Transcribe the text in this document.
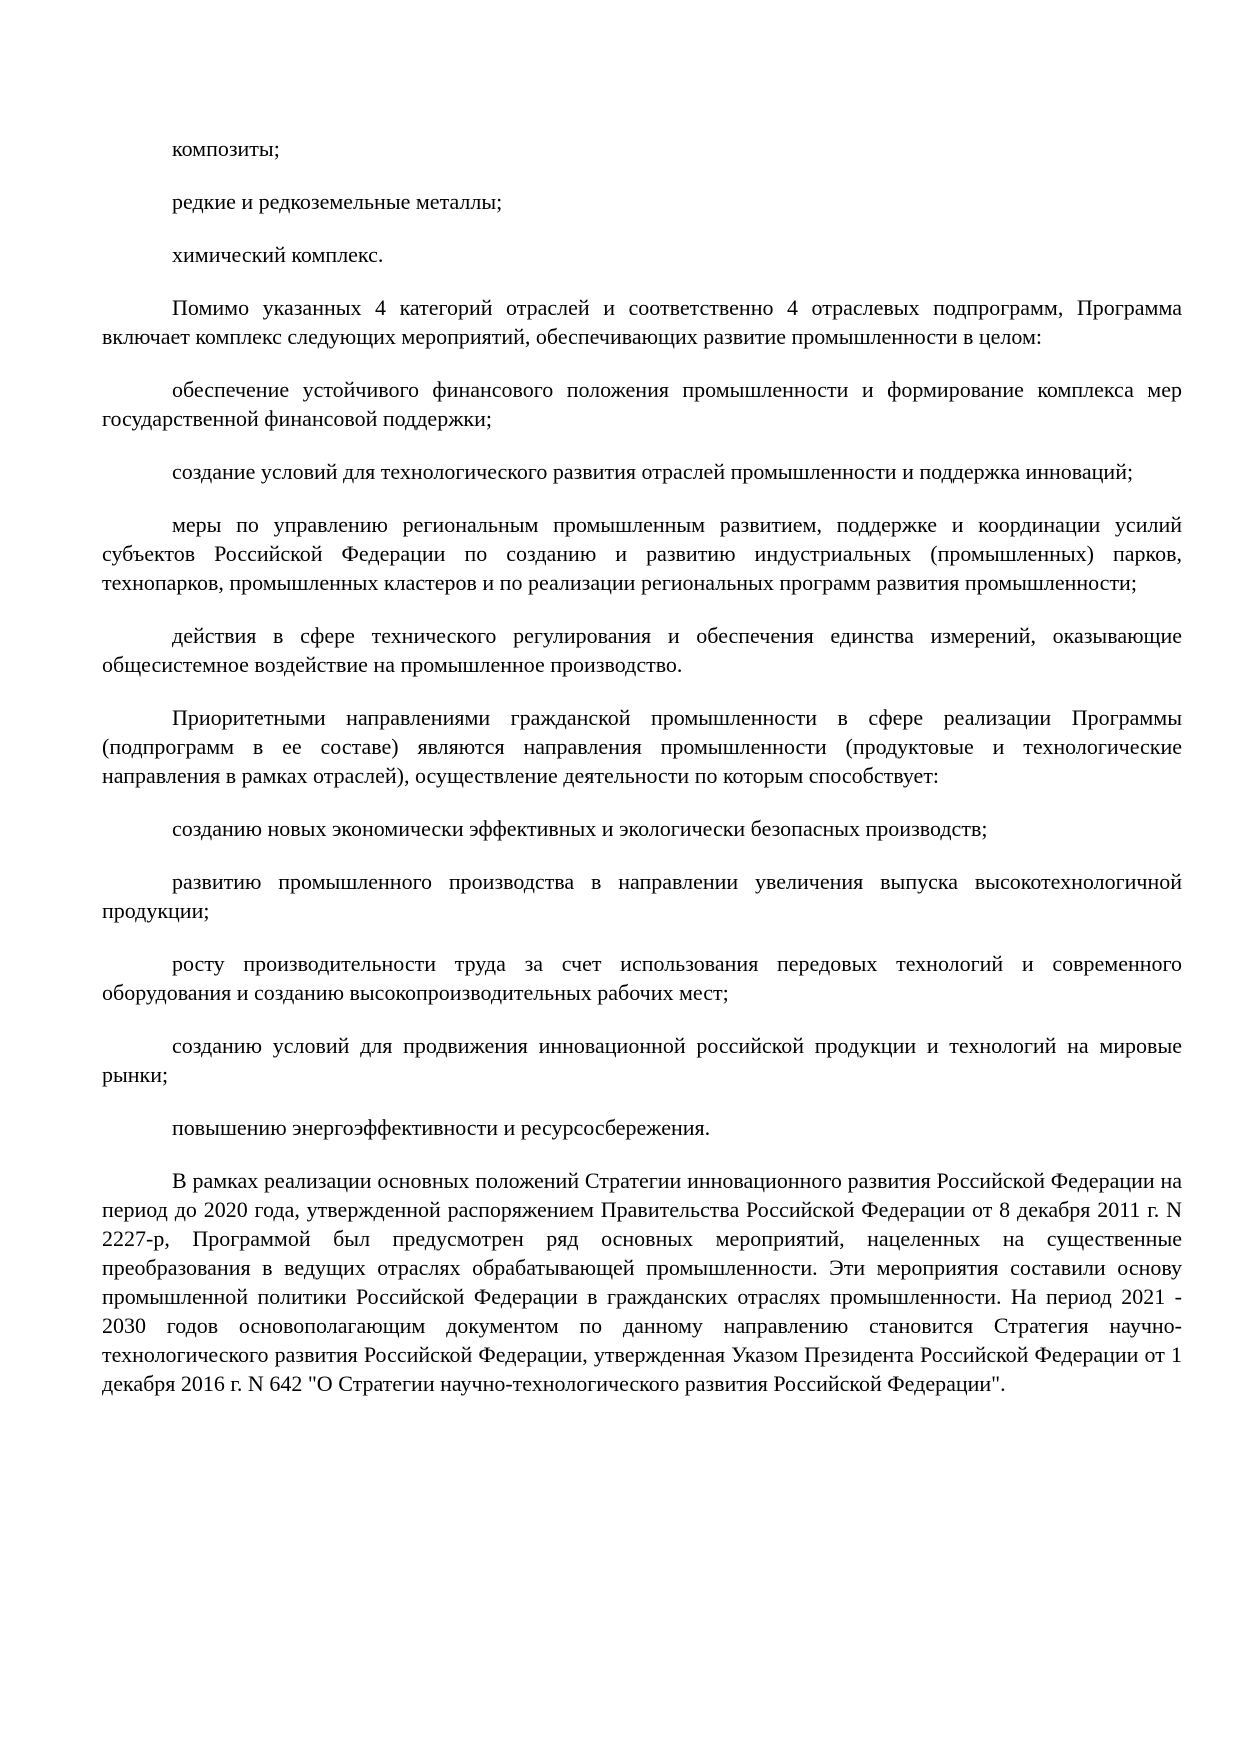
композиты;

редкие и редкоземельные металлы;

химический комплекс.

Помимо указанных 4 категорий отраслей и соответственно 4 отраслевых подпрограмм, Программа включает комплекс следующих мероприятий, обеспечивающих развитие промышленности в целом:

обеспечение устойчивого финансового положения промышленности и формирование комплекса мер государственной финансовой поддержки;

создание условий для технологического развития отраслей промышленности и поддержка инноваций;

меры по управлению региональным промышленным развитием, поддержке и координации усилий субъектов Российской Федерации по созданию и развитию индустриальных (промышленных) парков, технопарков, промышленных кластеров и по реализации региональных программ развития промышленности;

действия в сфере технического регулирования и обеспечения единства измерений, оказывающие общесистемное воздействие на промышленное производство.

Приоритетными направлениями гражданской промышленности в сфере реализации Программы (подпрограмм в ее составе) являются направления промышленности (продуктовые и технологические направления в рамках отраслей), осуществление деятельности по которым способствует:

созданию новых экономически эффективных и экологически безопасных производств;

развитию промышленного производства в направлении увеличения выпуска высокотехнологичной продукции;

росту производительности труда за счет использования передовых технологий и современного оборудования и созданию высокопроизводительных рабочих мест;

созданию условий для продвижения инновационной российской продукции и технологий на мировые рынки;

повышению энергоэффективности и ресурсосбережения.

В рамках реализации основных положений Стратегии инновационного развития Российской Федерации на период до 2020 года, утвержденной распоряжением Правительства Российской Федерации от 8 декабря 2011 г. N 2227-р, Программой был предусмотрен ряд основных мероприятий, нацеленных на существенные преобразования в ведущих отраслях обрабатывающей промышленности. Эти мероприятия составили основу промышленной политики Российской Федерации в гражданских отраслях промышленности. На период 2021 - 2030 годов основополагающим документом по данному направлению становится Стратегия научно-технологического развития Российской Федерации, утвержденная Указом Президента Российской Федерации от 1 декабря 2016 г. N 642 "О Стратегии научно-технологического развития Российской Федерации".
